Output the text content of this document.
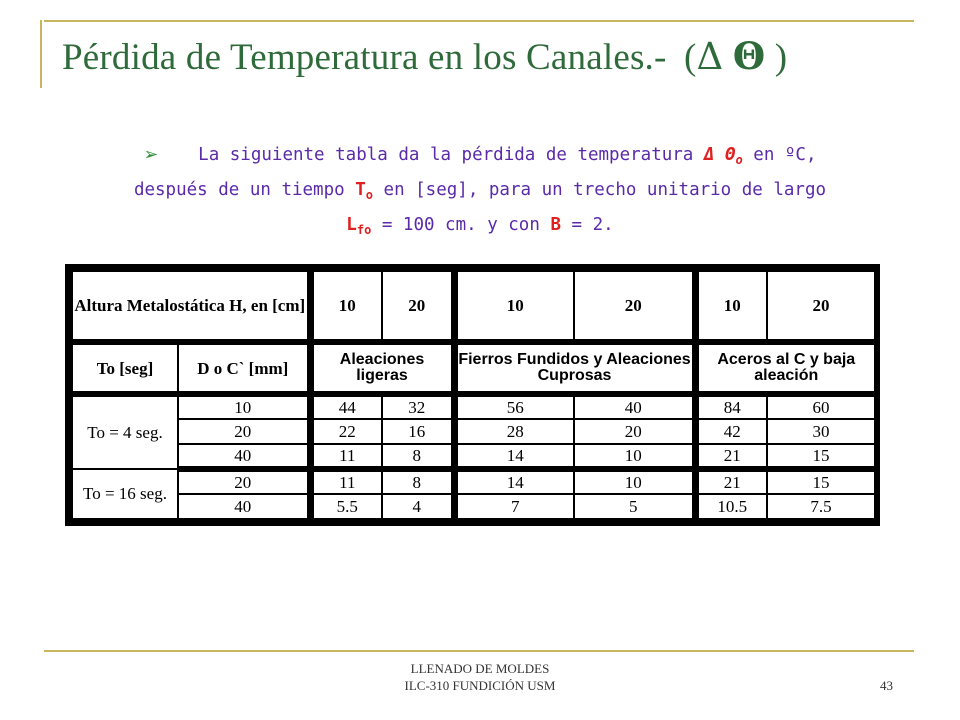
Pérdida de Temperatura en los Canales.- (Δ Θ )
➢ La siguiente tabla da la pérdida de temperatura Δ $\Theta_o$ en ºC,
después de un tiempo $T_o$ en [seg], para un trecho unitario de largo
$L_{fo} = 100$ cm. y con B = 2.
Altura Metalostática H, en [cm]		10	20	10	20	10	20
To [seg]	D o C` [mm]	Aleaciones ligeras		Fierros Fundidos y Aleaciones Cuprosas		Aceros al C y baja aleación	
To = 4 seg.	10	44	32	56	40	84	60
	20	22	16	28	20	42	30
	40	11	8	14	10	21	15
To = 16 seg.	20	11	8	14	10	21	15
	40	5.5	4	7	5	10.5	7.5
LLENADO DE MOLDES
ILC-310 FUNDICIÓN USM	43
